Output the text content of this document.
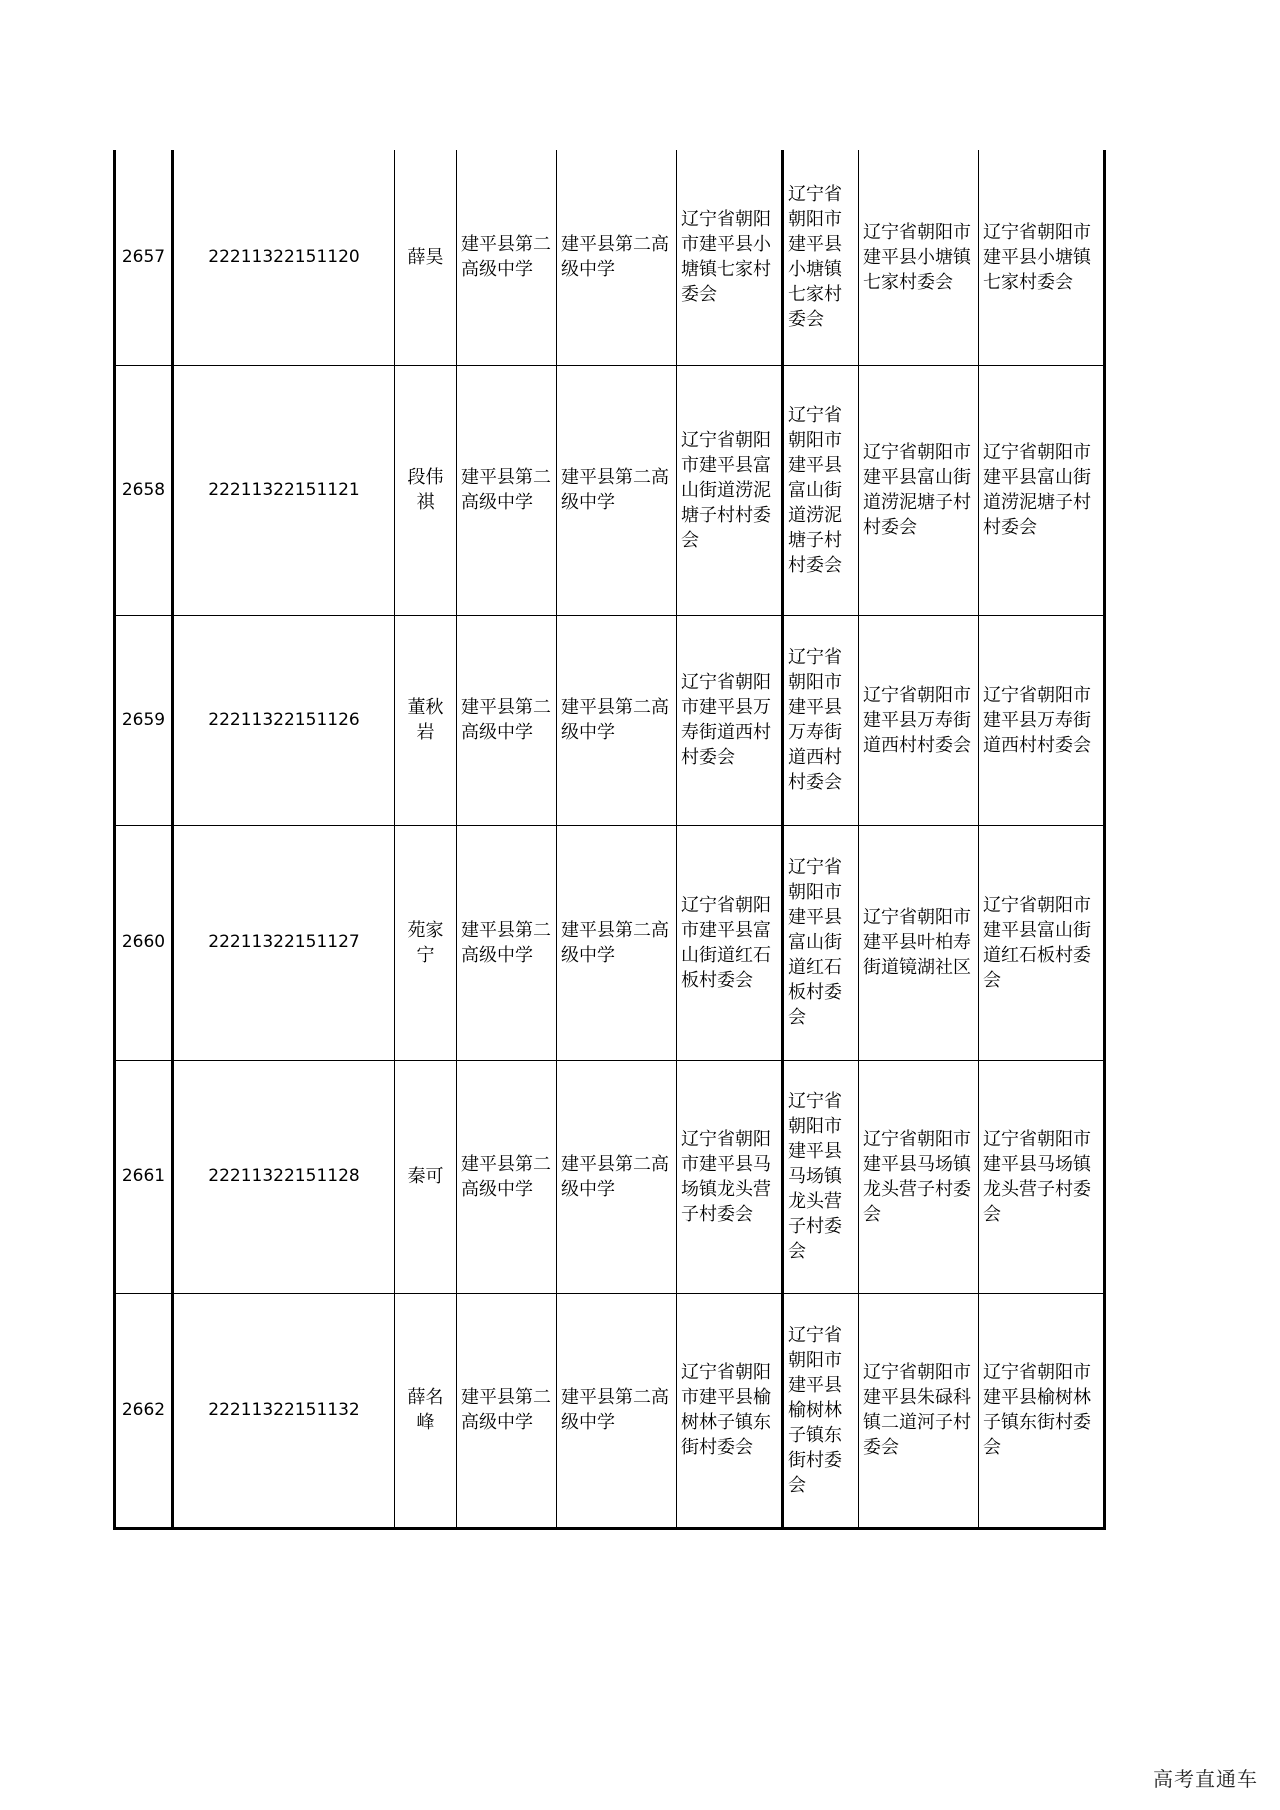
2657	22211322151120	薛昊	建平县第二高级中学	建平县第二高级中学	辽宁省朝阳市建平县小塘镇七家村委会	辽宁省朝阳市建平县小塘镇七家村委会	辽宁省朝阳市建平县小塘镇七家村委会	辽宁省朝阳市建平县小塘镇七家村委会
2658	22211322151121	段伟祺	建平县第二高级中学	建平县第二高级中学	辽宁省朝阳市建平县富山街道涝泥塘子村村委会	辽宁省朝阳市建平县富山街道涝泥塘子村村委会	辽宁省朝阳市建平县富山街道涝泥塘子村村委会	辽宁省朝阳市建平县富山街道涝泥塘子村村委会
2659	22211322151126	董秋岩	建平县第二高级中学	建平县第二高级中学	辽宁省朝阳市建平县万寿街道西村村委会	辽宁省朝阳市建平县万寿街道西村村委会	辽宁省朝阳市建平县万寿街道西村村委会	辽宁省朝阳市建平县万寿街道西村村委会
2660	22211322151127	苑家宁	建平县第二高级中学	建平县第二高级中学	辽宁省朝阳市建平县富山街道红石板村委会	辽宁省朝阳市建平县富山街道红石板村委会	辽宁省朝阳市建平县叶柏寿街道镜湖社区	辽宁省朝阳市建平县富山街道红石板村委会
2661	22211322151128	秦可	建平县第二高级中学	建平县第二高级中学	辽宁省朝阳市建平县马场镇龙头营子村委会	辽宁省朝阳市建平县马场镇龙头营子村委会	辽宁省朝阳市建平县马场镇龙头营子村委会	辽宁省朝阳市建平县马场镇龙头营子村委会
2662	22211322151132	薛名峰	建平县第二高级中学	建平县第二高级中学	辽宁省朝阳市建平县榆树林子镇东街村委会	辽宁省朝阳市建平县榆树林子镇东街村委会	辽宁省朝阳市建平县朱碌科镇二道河子村委会	辽宁省朝阳市建平县榆树林子镇东街村委会
高考直通车
